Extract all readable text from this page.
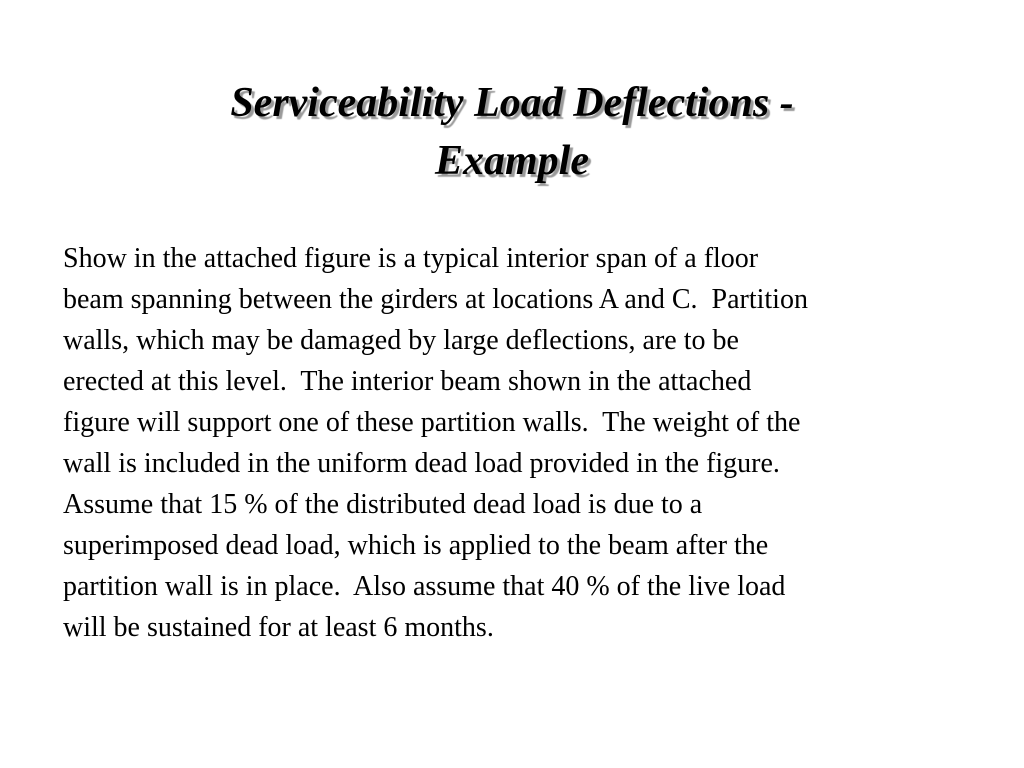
Serviceability Load Deflections -
Example
Show in the attached figure is a typical interior span of a floor
beam spanning between the girders at locations A and C.  Partition
walls, which may be damaged by large deflections, are to be
erected at this level.  The interior beam shown in the attached
figure will support one of these partition walls.  The weight of the
wall is included in the uniform dead load provided in the figure.
Assume that 15 % of the distributed dead load is due to a
superimposed dead load, which is applied to the beam after the
partition wall is in place.  Also assume that 40 % of the live load
will be sustained for at least 6 months.
